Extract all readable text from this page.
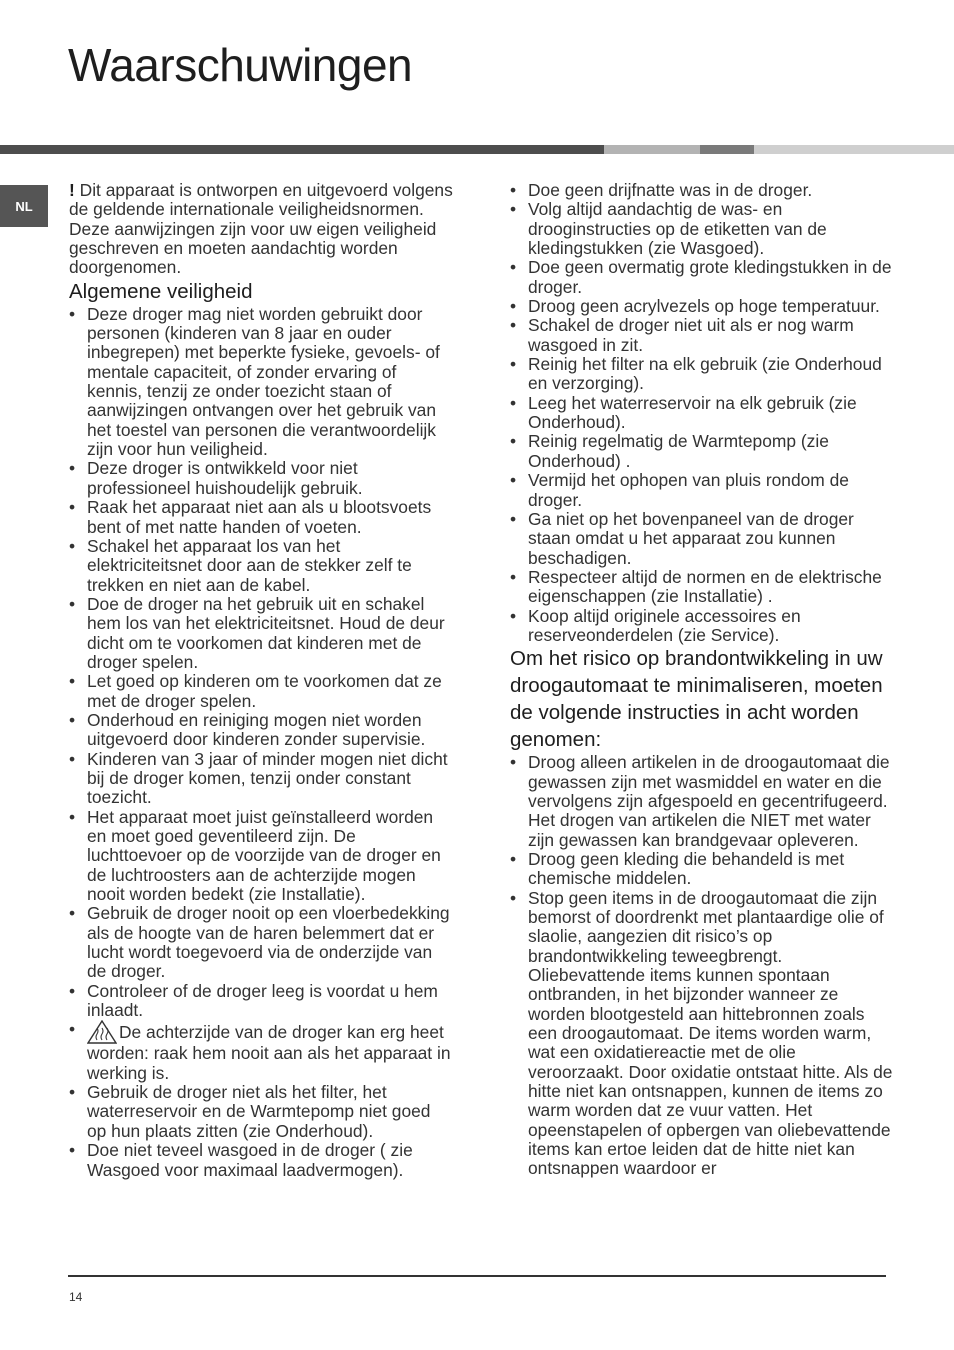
Waarschuwingen
NL

! Dit apparaat is ontworpen en uitgevoerd volgens de geldende internationale veiligheidsnormen. Deze aanwijzingen zijn voor uw eigen veiligheid geschreven en moeten aandachtig worden doorgenomen.

Algemene veiligheid
• Deze droger mag niet worden gebruikt door personen (kinderen van 8 jaar en ouder inbegrepen) met beperkte fysieke, gevoels- of mentale capaciteit, of zonder ervaring of kennis, tenzij ze onder toezicht staan of aanwijzingen ontvangen over het gebruik van het toestel van personen die verantwoordelijk zijn voor hun veiligheid.
• Deze droger is ontwikkeld voor niet professioneel huishoudelijk gebruik.
• Raak het apparaat niet aan als u blootsvoets bent of met natte handen of voeten.
• Schakel het apparaat los van het elektriciteitsnet door aan de stekker zelf te trekken en niet aan de kabel.
• Doe de droger na het gebruik uit en schakel hem los van het elektriciteitsnet. Houd de deur dicht om te voorkomen dat kinderen met de droger spelen.
• Let goed op kinderen om te voorkomen dat ze met de droger spelen.
• Onderhoud en reiniging mogen niet worden uitgevoerd door kinderen zonder supervisie.
• Kinderen van 3 jaar of minder mogen niet dicht bij de droger komen, tenzij onder constant toezicht.
• Het apparaat moet juist geïnstalleerd worden en moet goed geventileerd zijn. De luchttoevoer op de voorzijde van de droger en de luchtroosters aan de achterzijde mogen nooit worden bedekt (zie Installatie).
• Gebruik de droger nooit op een vloerbedekking als de hoogte van de haren belemmert dat er lucht wordt toegevoerd via de onderzijde van de droger.
• Controleer of de droger leeg is voordat u hem inlaadt.
• De achterzijde van de droger kan erg heet worden: raak hem nooit aan als het apparaat in werking is.
• Gebruik de droger niet als het filter, het waterreservoir en de Warmtepomp niet goed op hun plaats zitten (zie Onderhoud).
• Doe niet teveel wasgoed in de droger ( zie Wasgoed voor maximaal laadvermogen).
• Doe geen drijfnatte was in de droger.
• Volg altijd aandachtig de was- en drooginstructies op de etiketten van de kledingstukken (zie Wasgoed).
• Doe geen overmatig grote kledingstukken in de droger.
• Droog geen acrylvezels op hoge temperatuur.
• Schakel de droger niet uit als er nog warm wasgoed in zit.
• Reinig het filter na elk gebruik (zie Onderhoud en verzorging).
• Leeg het waterreservoir na elk gebruik (zie Onderhoud).
• Reinig regelmatig de Warmtepomp (zie Onderhoud) .
• Vermijd het ophopen van pluis rondom de droger.
• Ga niet op het bovenpaneel van de droger staan omdat u het apparaat zou kunnen beschadigen.
• Respecteer altijd de normen en de elektrische eigenschappen (zie Installatie) .
• Koop altijd originele accessoires en reserveonderdelen (zie Service).
Om het risico op brandontwikkeling in uw droogautomaat te minimaliseren, moeten de volgende instructies in acht worden genomen:
• Droog alleen artikelen in de droogautomaat die gewassen zijn met wasmiddel en water en die vervolgens zijn afgespoeld en gecentrifugeerd. Het drogen van artikelen die NIET met water zijn gewassen kan brandgevaar opleveren.
• Droog geen kleding die behandeld is met chemische middelen.
• Stop geen items in de droogautomaat die zijn bemorst of doordrenkt met plantaardige olie of slaolie, aangezien dit risico’s op brandontwikkeling teweegbrengt. Oliebevattende items kunnen spontaan ontbranden, in het bijzonder wanneer ze worden blootgesteld aan hittebronnen zoals een droogautomaat. De items worden warm, wat een oxidatiereactie met de olie veroorzaakt. Door oxidatie ontstaat hitte. Als de hitte niet kan ontsnappen, kunnen de items zo warm worden dat ze vuur vatten. Het opeenstapelen of opbergen van oliebevattende items kan ertoe leiden dat de hitte niet kan ontsnappen waardoor er
14
